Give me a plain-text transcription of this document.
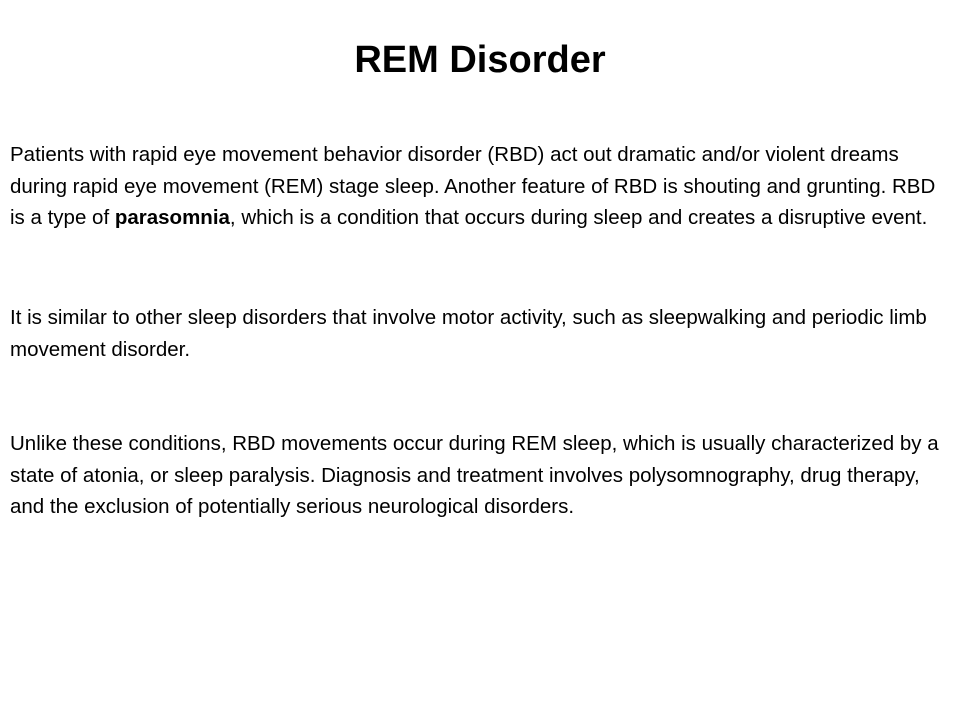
REM Disorder

Patients with rapid eye movement behavior disorder (RBD) act out dramatic and/or violent dreams during rapid eye movement (REM) stage sleep. Another feature of RBD is shouting and grunting. RBD is a type of parasomnia, which is a condition that occurs during sleep and creates a disruptive event.

It is similar to other sleep disorders that involve motor activity, such as sleepwalking and periodic limb movement disorder.

Unlike these conditions, RBD movements occur during REM sleep, which is usually characterized by a state of atonia, or sleep paralysis. Diagnosis and treatment involves polysomnography, drug therapy, and the exclusion of potentially serious neurological disorders.
